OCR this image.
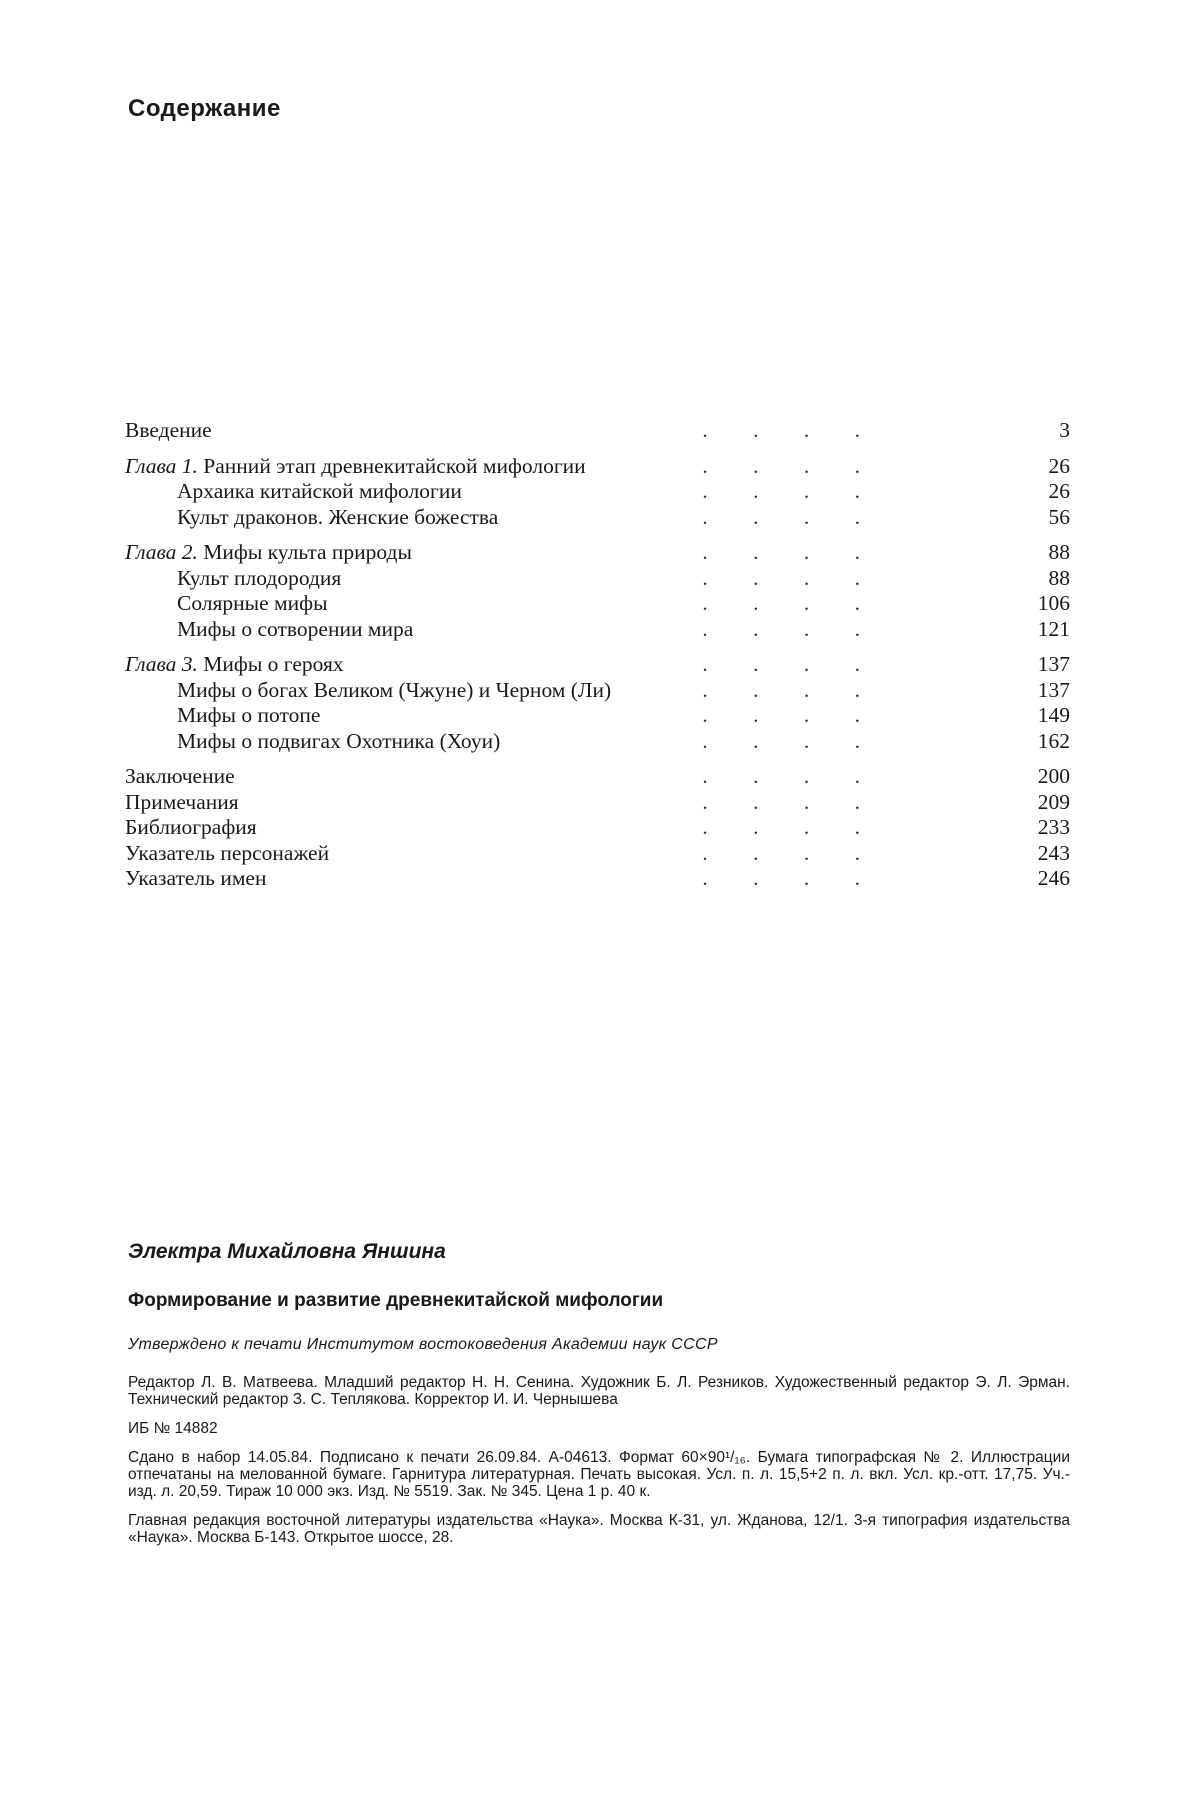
Содержание
Введение	. . . .	3
Глава 1. Ранний этап древнекитайской мифологии	. . . .	26
Архаика китайской мифологии	. . . .	26
Культ драконов. Женские божества	. . . .	56
Глава 2. Мифы культа природы	. . . .	88
Культ плодородия	. . . .	88
Солярные мифы	. . . .	106
Мифы о сотворении мира	. . . .	121
Глава 3. Мифы о героях	. . . .	137
Мифы о богах Великом (Чжуне) и Черном (Ли)	. . . .	137
Мифы о потопе	. . . .	149
Мифы о подвигах Охотника (Хоуи)	. . . .	162
Заключение	. . . .	200
Примечания	. . . .	209
Библиография	. . . .	233
Указатель персонажей	. . . .	243
Указатель имен	. . . .	246

Электра Михайловна Яншина

Формирование и развитие древнекитайской мифологии

Утверждено к печати Институтом востоковедения Академии наук СССР

Редактор Л. В. Матвеева. Младший редактор Н. Н. Сенина. Художник Б. Л. Резников. Художественный редактор Э. Л. Эрман. Технический редактор З. С. Теплякова. Корректор И. И. Чернышева

ИБ № 14882

Сдано в набор 14.05.84. Подписано к печати 26.09.84. А-04613. Формат 60×90¹/₁₆. Бумага типографская № 2. Иллюстрации отпечатаны на мелованной бумаге. Гарнитура литературная. Печать высокая. Усл. п. л. 15,5+2 п. л. вкл. Усл. кр.-отт. 17,75. Уч.-изд. л. 20,59. Тираж 10 000 экз. Изд. № 5519. Зак. № 345. Цена 1 р. 40 к.

Главная редакция восточной литературы издательства «Наука». Москва К-31, ул. Жданова, 12/1. 3-я типография издательства «Наука». Москва Б-143. Открытое шоссе, 28.
